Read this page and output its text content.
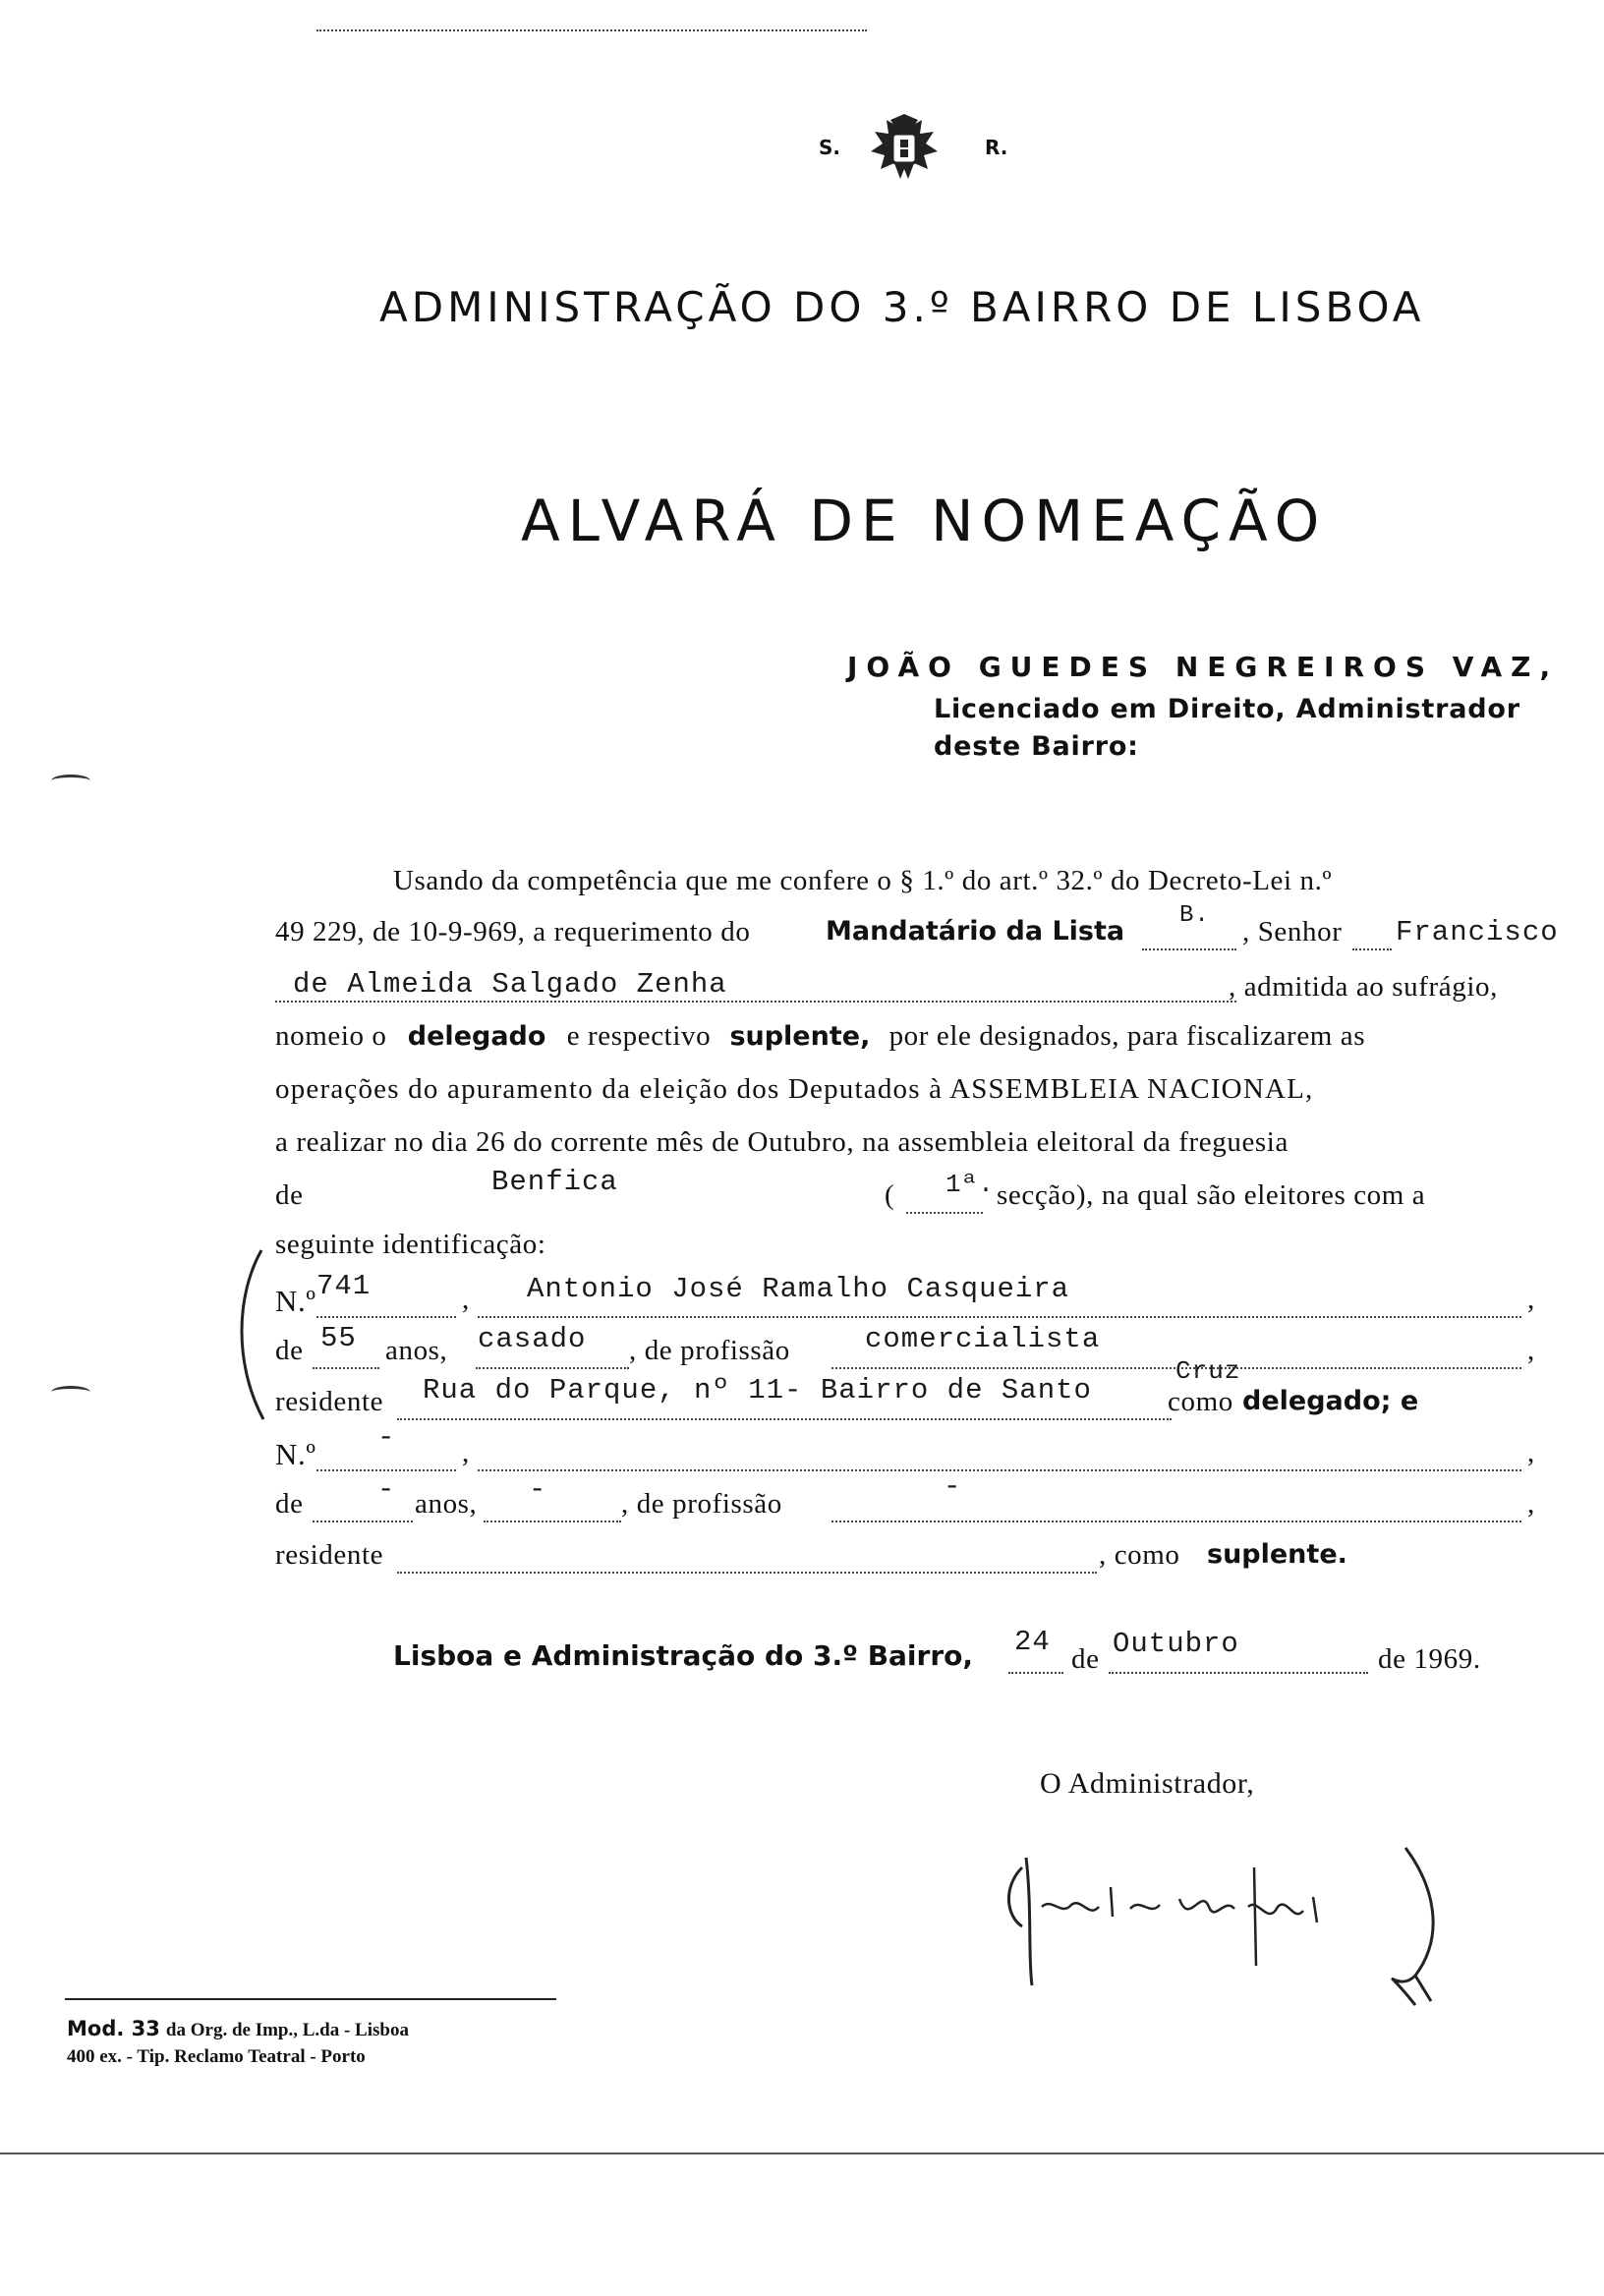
S.	R.
ADMINISTRAÇÃO DO 3.º BAIRRO DE LISBOA
ALVARÁ DE NOMEAÇÃO
JOÃO GUEDES NEGREIROS VAZ,
Licenciado em Direito, Administrador
deste Bairro:
Usando da competência que me confere o § 1.º do art.º 32.º do Decreto-Lei n.º
49 229, de 10-9-969, a requerimento do	Mandatário da Lista
B.
, Senhor Francisco
de Almeida Salgado Zenha	, admitida ao sufrágio,
nomeio o delegado e respectivo suplente, por ele designados, para fiscalizarem as
operações do apuramento da eleição dos Deputados à ASSEMBLEIA NACIONAL,
a realizar no dia 26 do corrente mês de Outubro, na assembleia eleitoral da freguesia
de	Benfica	( 1ª. secção), na qual são eleitores com a
seguinte identificação:
N.º 741	, Antonio José Ramalho Casqueira	,
de 55 anos, casado , de profissão	comercialista	,
residente Rua do Parque, nº 11- Bairro de Santo
Cruz
como delegado; e
N.º - ,	,
de	- anos, -	, de profissão
-
,
residente	, como suplente.
Lisboa e Administração do 3.º Bairro, 24
de Outubro	de 1969.
O Administrador,
Mod. 33 da Org. de Imp., L.da - Lisboa
400 ex. - Tip. Reclamo Teatral - Porto
